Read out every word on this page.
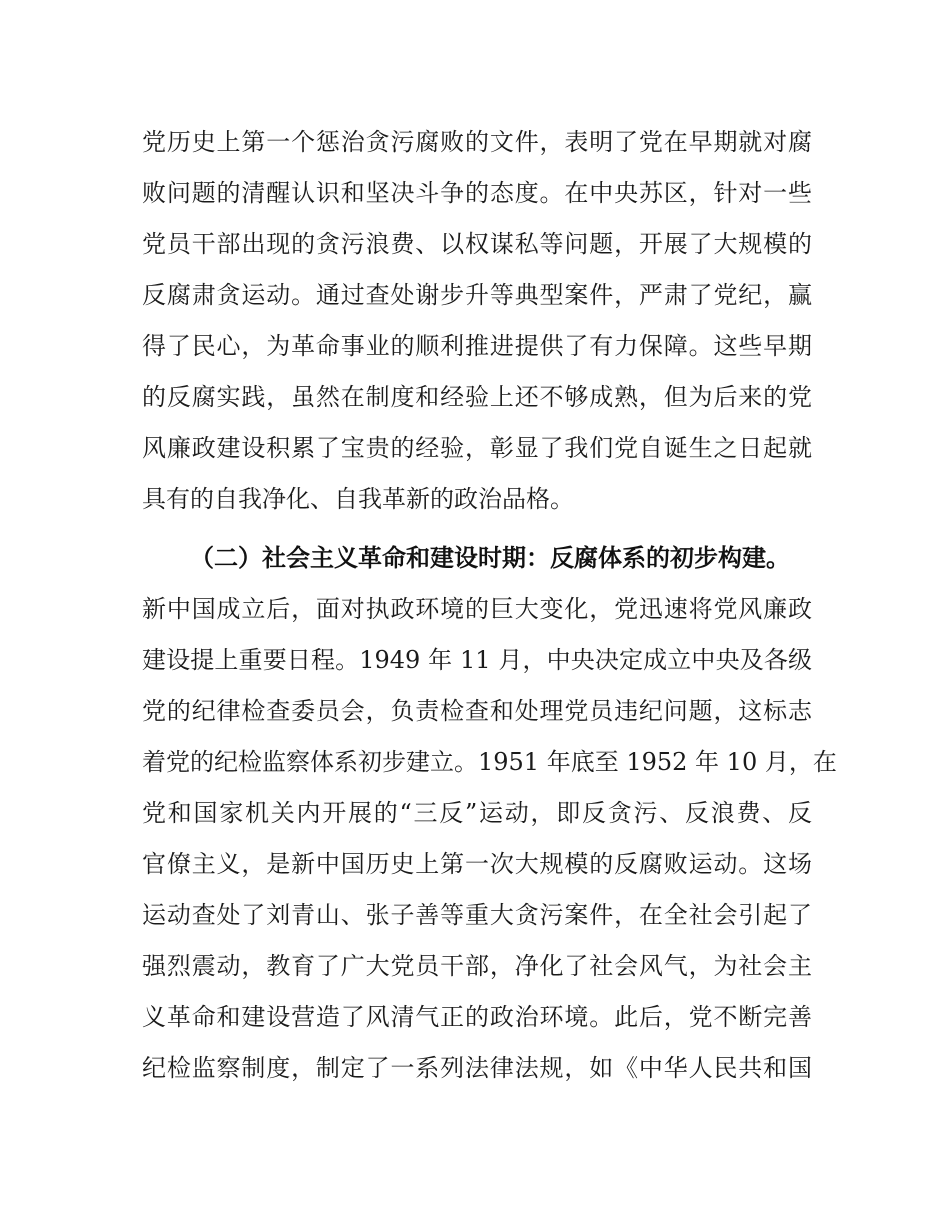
党历史上第一个惩治贪污腐败的文件，表明了党在早期就对腐
败问题的清醒认识和坚决斗争的态度。在中央苏区，针对一些
党员干部出现的贪污浪费、以权谋私等问题，开展了大规模的
反腐肃贪运动。通过查处谢步升等典型案件，严肃了党纪，赢
得了民心，为革命事业的顺利推进提供了有力保障。这些早期
的反腐实践，虽然在制度和经验上还不够成熟，但为后来的党
风廉政建设积累了宝贵的经验，彰显了我们党自诞生之日起就
具有的自我净化、自我革新的政治品格。
（二）社会主义革命和建设时期：反腐体系的初步构建。
新中国成立后，面对执政环境的巨大变化，党迅速将党风廉政
建设提上重要日程。1949 年 11 月，中央决定成立中央及各级
党的纪律检查委员会，负责检查和处理党员违纪问题，这标志
着党的纪检监察体系初步建立。1951 年底至 1952 年 10 月，在
党和国家机关内开展的“三反”运动，即反贪污、反浪费、反
官僚主义，是新中国历史上第一次大规模的反腐败运动。这场
运动查处了刘青山、张子善等重大贪污案件，在全社会引起了
强烈震动，教育了广大党员干部，净化了社会风气，为社会主
义革命和建设营造了风清气正的政治环境。此后，党不断完善
纪检监察制度，制定了一系列法律法规，如《中华人民共和国
